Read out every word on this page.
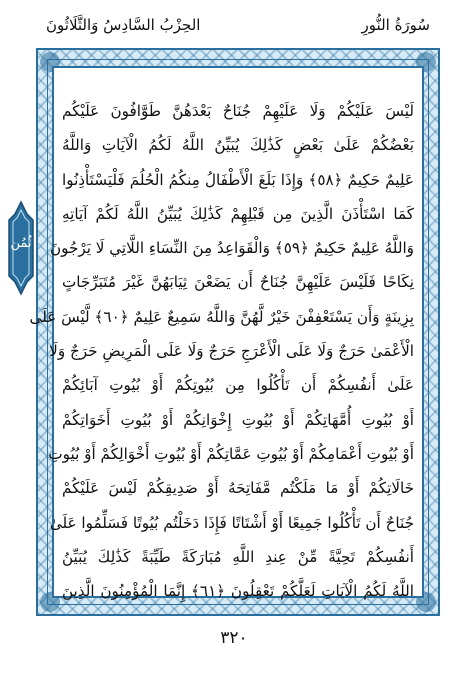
الحِزْبُ السَّادِسُ وَالثَّلَاثُونَ	سُورَةُ النُّورِ
لَيْسَ عَلَيْكُمْ وَلَا عَلَيْهِمْ جُنَاحٌ بَعْدَهُنَّ طَوَّافُونَ عَلَيْكُم
بَعْضُكُمْ عَلَىٰ بَعْضٍ كَذَٰلِكَ يُبَيِّنُ اللَّهُ لَكُمُ الْآيَاتِ وَاللَّهُ
عَلِيمٌ حَكِيمٌ ﴿٥٨﴾ وَإِذَا بَلَغَ الْأَطْفَالُ مِنكُمُ الْحُلُمَ فَلْيَسْتَأْذِنُوا
كَمَا اسْتَأْذَنَ الَّذِينَ مِن قَبْلِهِمْ كَذَٰلِكَ يُبَيِّنُ اللَّهُ لَكُمْ آيَاتِهِ
وَاللَّهُ عَلِيمٌ حَكِيمٌ ﴿٥٩﴾ وَالْقَوَاعِدُ مِنَ النِّسَاءِ اللَّاتِي لَا يَرْجُونَ
نِكَاحًا فَلَيْسَ عَلَيْهِنَّ جُنَاحٌ أَن يَضَعْنَ ثِيَابَهُنَّ غَيْرَ مُتَبَرِّجَاتٍ
بِزِينَةٍ وَأَن يَسْتَعْفِفْنَ خَيْرٌ لَّهُنَّ وَاللَّهُ سَمِيعٌ عَلِيمٌ ﴿٦٠﴾ لَّيْسَ عَلَى
الْأَعْمَىٰ حَرَجٌ وَلَا عَلَى الْأَعْرَجِ حَرَجٌ وَلَا عَلَى الْمَرِيضِ حَرَجٌ وَلَا
عَلَىٰ أَنفُسِكُمْ أَن تَأْكُلُوا مِن بُيُوتِكُمْ أَوْ بُيُوتِ آبَائِكُمْ
أَوْ بُيُوتِ أُمَّهَاتِكُمْ أَوْ بُيُوتِ إِخْوَانِكُمْ أَوْ بُيُوتِ أَخَوَاتِكُمْ
أَوْ بُيُوتِ أَعْمَامِكُمْ أَوْ بُيُوتِ عَمَّاتِكُمْ أَوْ بُيُوتِ أَخْوَالِكُمْ أَوْ بُيُوتِ
خَالَاتِكُمْ أَوْ مَا مَلَكْتُم مَّفَاتِحَهُ أَوْ صَدِيقِكُمْ لَيْسَ عَلَيْكُمْ
جُنَاحٌ أَن تَأْكُلُوا جَمِيعًا أَوْ أَشْتَاتًا فَإِذَا دَخَلْتُم بُيُوتًا فَسَلِّمُوا عَلَىٰ
أَنفُسِكُمْ تَحِيَّةً مِّنْ عِندِ اللَّهِ مُبَارَكَةً طَيِّبَةً كَذَٰلِكَ يُبَيِّنُ
اللَّهُ لَكُمُ الْآيَاتِ لَعَلَّكُمْ تَعْقِلُونَ ﴿٦١﴾ إِنَّمَا الْمُؤْمِنُونَ الَّذِينَ
ثُمُن
٣٢٠
